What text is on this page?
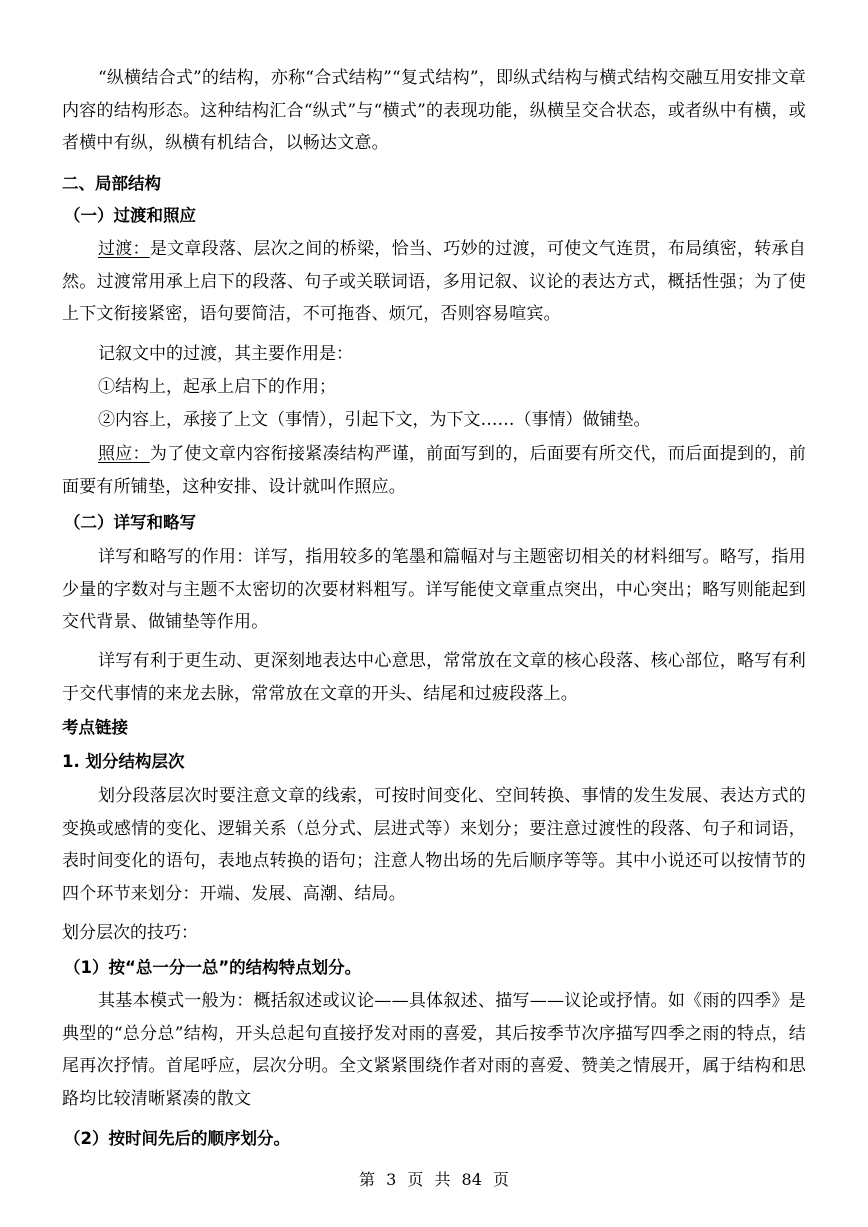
“纵横结合式”的结构，亦称“合式结构”“复式结构”，即纵式结构与横式结构交融互用安排文章内容的结构形态。这种结构汇合“纵式”与“横式”的表现功能，纵横呈交合状态，或者纵中有横，或者横中有纵，纵横有机结合，以畅达文意。

二、局部结构

（一）过渡和照应

过渡：是文章段落、层次之间的桥梁，恰当、巧妙的过渡，可使文气连贯，布局缜密，转承自然。过渡常用承上启下的段落、句子或关联词语，多用记叙、议论的表达方式，概括性强；为了使上下文衔接紧密，语句要简洁，不可拖沓、烦冗，否则容易喧宾。

记叙文中的过渡，其主要作用是：

①结构上，起承上启下的作用；

②内容上，承接了上文（事情），引起下文，为下文……（事情）做铺垫。

照应：为了使文章内容衔接紧凑结构严谨，前面写到的，后面要有所交代，而后面提到的，前面要有所铺垫，这种安排、设计就叫作照应。

（二）详写和略写

详写和略写的作用：详写，指用较多的笔墨和篇幅对与主题密切相关的材料细写。略写，指用少量的字数对与主题不太密切的次要材料粗写。详写能使文章重点突出，中心突出；略写则能起到交代背景、做铺垫等作用。

详写有利于更生动、更深刻地表达中心意思，常常放在文章的核心段落、核心部位，略写有利于交代事情的来龙去脉，常常放在文章的开头、结尾和过疲段落上。

考点链接

1. 划分结构层次

划分段落层次时要注意文章的线索，可按时间变化、空间转换、事情的发生发展、表达方式的变换或感情的变化、逻辑关系（总分式、层进式等）来划分；要注意过渡性的段落、句子和词语，表时间变化的语句，表地点转换的语句；注意人物出场的先后顺序等等。其中小说还可以按情节的四个环节来划分：开端、发展、高潮、结局。

划分层次的技巧：

（1）按“总一分一总”的结构特点划分。

其基本模式一般为：概括叙述或议论——具体叙述、描写——议论或抒情。如《雨的四季》是典型的“总分总”结构，开头总起句直接抒发对雨的喜爱，其后按季节次序描写四季之雨的特点，结尾再次抒情。首尾呼应，层次分明。全文紧紧围绕作者对雨的喜爱、赞美之情展开，属于结构和思路均比较清晰紧凑的散文

（2）按时间先后的顺序划分。

第 3 页 共 84 页
